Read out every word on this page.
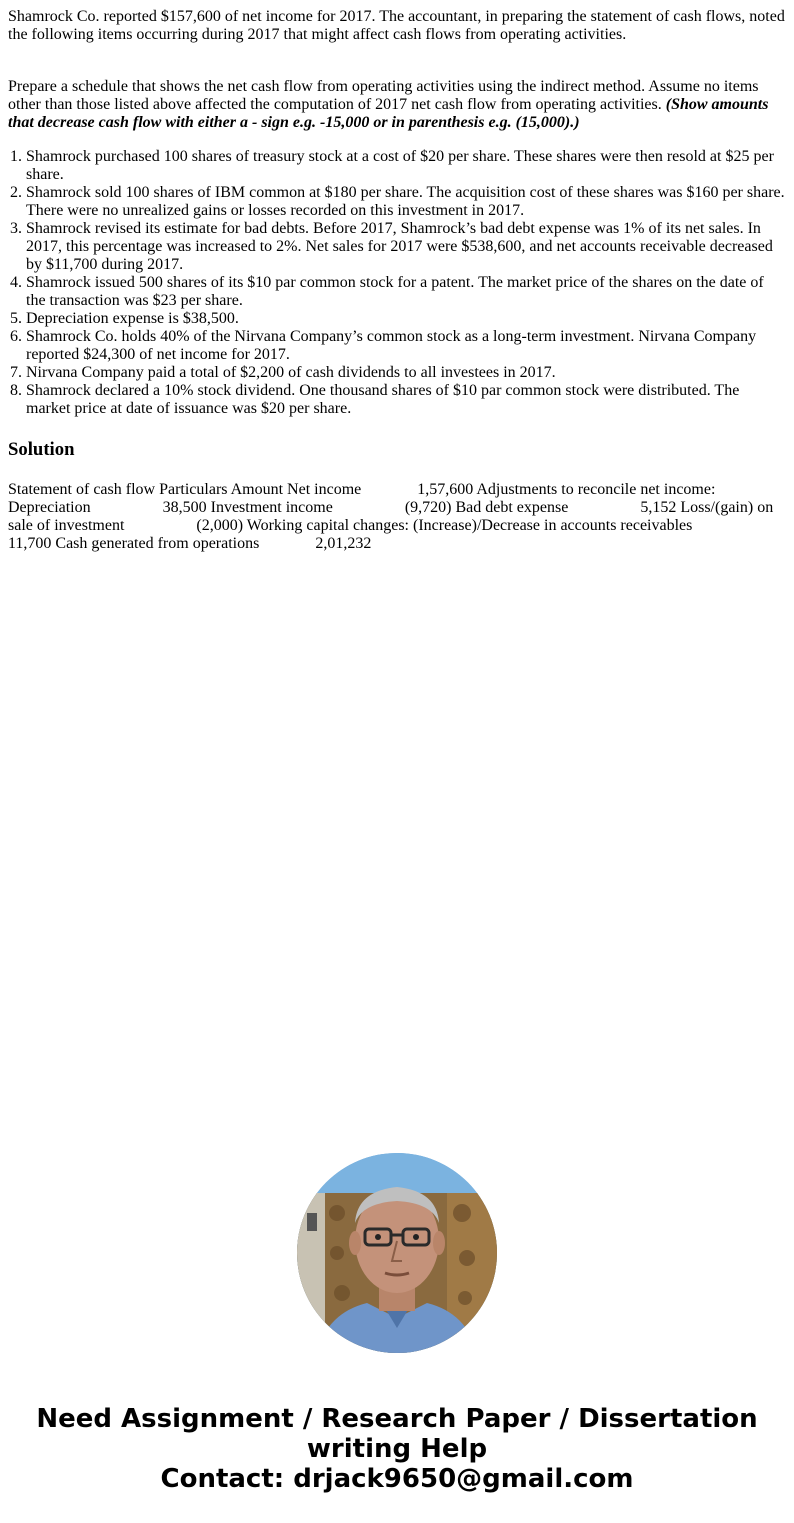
Shamrock Co. reported $157,600 of net income for 2017. The accountant, in preparing the statement of cash flows, noted the following items occurring during 2017 that might affect cash flows from operating activities.

Prepare a schedule that shows the net cash flow from operating activities using the indirect method. Assume no items other than those listed above affected the computation of 2017 net cash flow from operating activities. (Show amounts that decrease cash flow with either a - sign e.g. -15,000 or in parenthesis e.g. (15,000).)

1. Shamrock purchased 100 shares of treasury stock at a cost of $20 per share. These shares were then resold at $25 per share.
2. Shamrock sold 100 shares of IBM common at $180 per share. The acquisition cost of these shares was $160 per share. There were no unrealized gains or losses recorded on this investment in 2017.
3. Shamrock revised its estimate for bad debts. Before 2017, Shamrock’s bad debt expense was 1% of its net sales. In 2017, this percentage was increased to 2%. Net sales for 2017 were $538,600, and net accounts receivable decreased by $11,700 during 2017.
4. Shamrock issued 500 shares of its $10 par common stock for a patent. The market price of the shares on the date of the transaction was $23 per share.
5. Depreciation expense is $38,500.
6. Shamrock Co. holds 40% of the Nirvana Company’s common stock as a long-term investment. Nirvana Company reported $24,300 of net income for 2017.
7. Nirvana Company paid a total of $2,200 of cash dividends to all investees in 2017.
8. Shamrock declared a 10% stock dividend. One thousand shares of $10 par common stock were distributed. The market price at date of issuance was $20 per share.
Solution

Statement of cash flow Particulars Amount Net income              1,57,600 Adjustments to reconcile net income: Depreciation                  38,500 Investment income                  (9,720) Bad debt expense                  5,152 Loss/(gain) on sale of investment                  (2,000) Working capital changes: (Increase)/Decrease in accounts receivables                  11,700 Cash generated from operations              2,01,232

Need Assignment / Research Paper / Dissertation
writing Help
Contact: drjack9650@gmail.com
